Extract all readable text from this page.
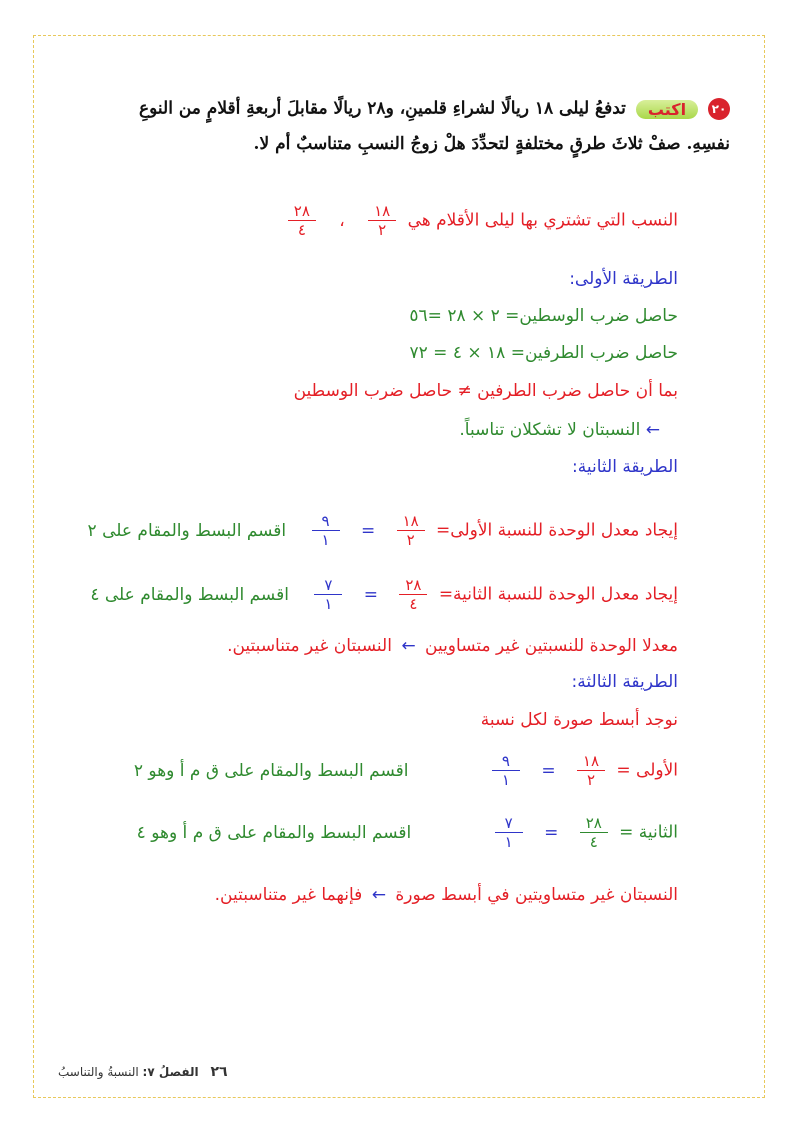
٢٠ اكتب تدفعُ ليلى ١٨ ريالًا لشراءِ قلمينِ، و٢٨ ريالًا مقابلَ أربعةِ أقلامٍ من النوعِ
نفسِهِ. صفْ ثلاثَ طرقٍ مختلفةٍ لتحدِّدَ هلْ زوجُ النسبِ متناسبٌ أم لا.
النسب التي تشتري بها ليلى الأقلام هي
$\frac{١٨}{٢}$
،
$\frac{٢٨}{٤}$
الطريقة الأولى:
حاصل ضرب الوسطين= ٢ × ٢٨ =٥٦
حاصل ضرب الطرفين= ١٨ × ٤ = ٧٢
بما أن حاصل ضرب الطرفين ≠ حاصل ضرب الوسطين
← النسبتان لا تشكلان تناسباً.
الطريقة الثانية:
إيجاد معدل الوحدة للنسبة الأولى=
$\frac{١٨}{٢}$
=
$\frac{٩}{١}$
اقسم البسط والمقام على ٢
إيجاد معدل الوحدة للنسبة الثانية=
$\frac{٢٨}{٤}$
=
$\frac{٧}{١}$
اقسم البسط والمقام على ٤
معدلا الوحدة للنسبتين غير متساويين ← النسبتان غير متناسبتين.
الطريقة الثالثة:
نوجد أبسط صورة لكل نسبة
الأولى =
$\frac{١٨}{٢}$
=
$\frac{٩}{١}$
اقسم البسط والمقام على ق م أ وهو ٢
الثانية =
$\frac{٢٨}{٤}$
=
$\frac{٧}{١}$
اقسم البسط والمقام على ق م أ وهو ٤
النسبتان غير متساويتين في أبسط صورة ← فإنهما غير متناسبتين.
٢٦ الفصلُ ٧: النسبةُ والتناسبُ
